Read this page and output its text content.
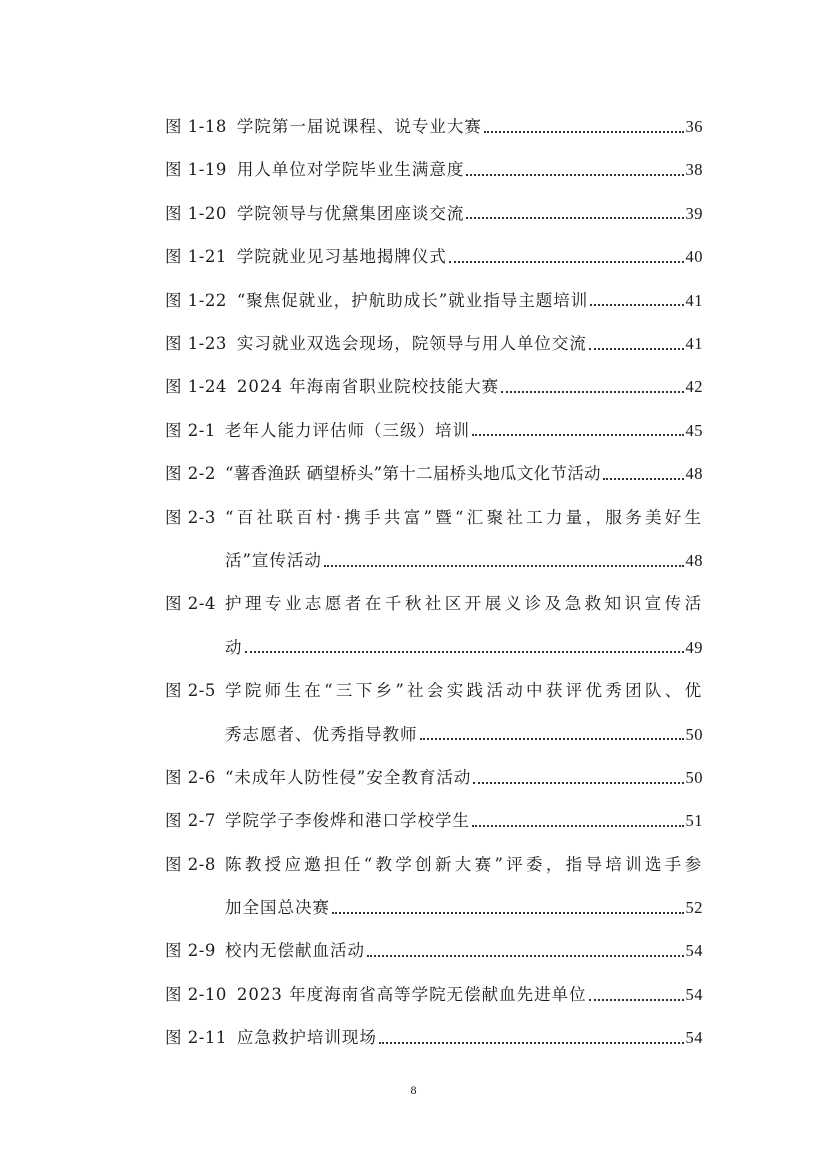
图 1-18 学院第一届说课程、说专业大赛	36
图 1-19 用人单位对学院毕业生满意度	38
图 1-20 学院领导与优黛集团座谈交流	39
图 1-21 学院就业见习基地揭牌仪式	40
图 1-22 “聚焦促就业，护航助成长”就业指导主题培训	41
图 1-23 实习就业双选会现场，院领导与用人单位交流	41
图 1-24 2024 年海南省职业院校技能大赛	42
图 2-1 老年人能力评估师（三级）培训	45
图 2-2 “薯香渔跃 硒望桥头”第十二届桥头地瓜文化节活动	48
图 2-3 “百社联百村·携手共富”暨“汇聚社工力量，服务美好生
活”宣传活动	48
图 2-4 护理专业志愿者在千秋社区开展义诊及急救知识宣传活
动	49
图 2-5 学院师生在“三下乡”社会实践活动中获评优秀团队、优
秀志愿者、优秀指导教师	50
图 2-6 “未成年人防性侵”安全教育活动	50
图 2-7 学院学子李俊烨和港口学校学生	51
图 2-8 陈教授应邀担任“教学创新大赛”评委，指导培训选手参
加全国总决赛	52
图 2-9 校内无偿献血活动	54
图 2-10 2023 年度海南省高等学院无偿献血先进单位	54
图 2-11 应急救护培训现场	54
8
